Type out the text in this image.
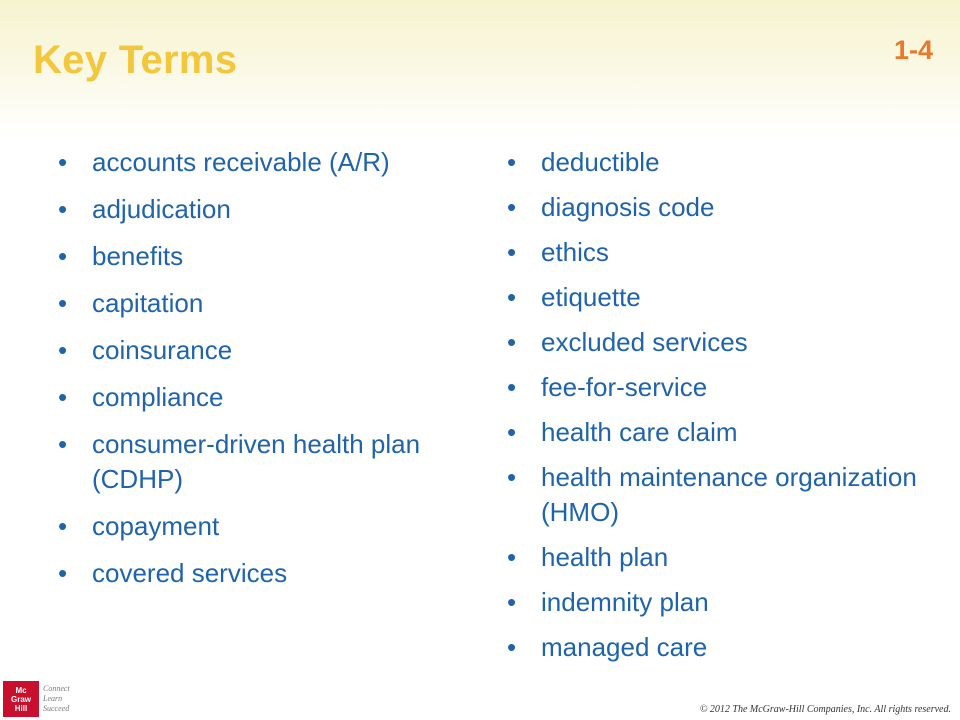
Key Terms	1-4
• accounts receivable (A/R)
• adjudication
• benefits
• capitation
• coinsurance
• compliance
• consumer-driven health plan (CDHP)
• copayment
• covered services
• deductible
• diagnosis code
• ethics
• etiquette
• excluded services
• fee-for-service
• health care claim
• health maintenance organization (HMO)
• health plan
• indemnity plan
• managed care
Mc
Graw
Hill
Connect
Learn
Succeed	© 2012 The McGraw-Hill Companies, Inc. All rights reserved.
